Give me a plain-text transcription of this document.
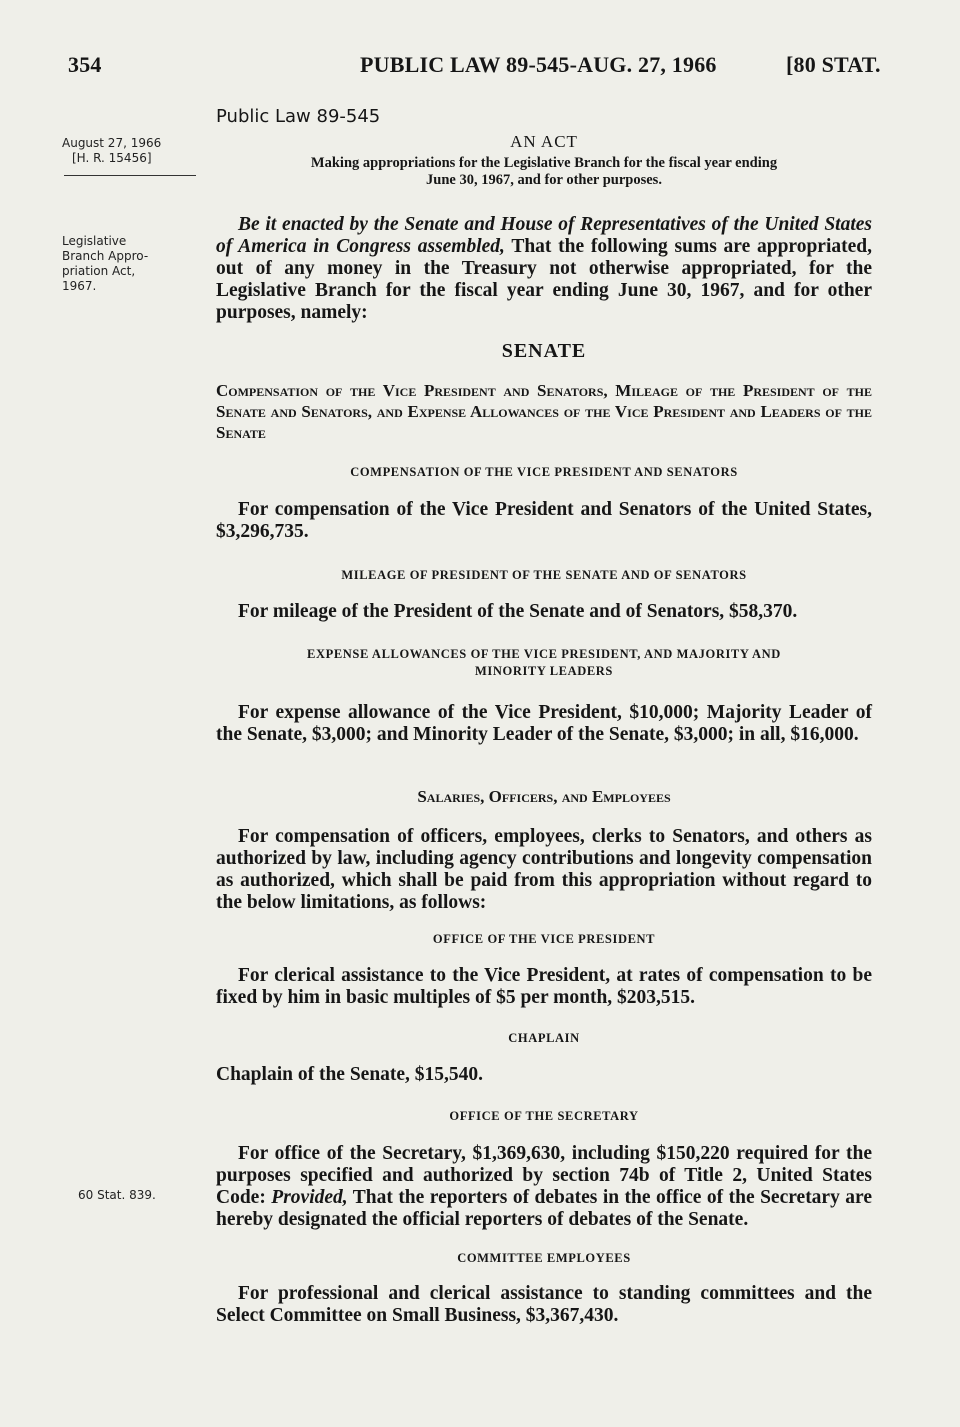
354	PUBLIC LAW 89-545-AUG. 27, 1966	[80 STAT.
August 27, 1966
[H. R. 15456]
Legislative
Branch Appro-
priation Act,
1967.
60 Stat. 839.
Public Law 89-545
AN ACT
Making appropriations for the Legislative Branch for the fiscal year ending
June 30, 1967, and for other purposes.
Be it enacted by the Senate and House of Representatives of the United States of America in Congress assembled, That the following sums are appropriated, out of any money in the Treasury not otherwise appropriated, for the Legislative Branch for the fiscal year ending June 30, 1967, and for other purposes, namely:
SENATE
Compensation of the Vice President and Senators, Mileage of the President of the Senate and Senators, and Expense Allowances of the Vice President and Leaders of the Senate
COMPENSATION OF THE VICE PRESIDENT AND SENATORS
For compensation of the Vice President and Senators of the United States, $3,296,735.
MILEAGE OF PRESIDENT OF THE SENATE AND OF SENATORS
For mileage of the President of the Senate and of Senators, $58,370.
EXPENSE ALLOWANCES OF THE VICE PRESIDENT, AND MAJORITY AND
MINORITY LEADERS
For expense allowance of the Vice President, $10,000; Majority Leader of the Senate, $3,000; and Minority Leader of the Senate, $3,000; in all, $16,000.
Salaries, Officers, and Employees
For compensation of officers, employees, clerks to Senators, and others as authorized by law, including agency contributions and longevity compensation as authorized, which shall be paid from this appropriation without regard to the below limitations, as follows:
OFFICE OF THE VICE PRESIDENT
For clerical assistance to the Vice President, at rates of compensation to be fixed by him in basic multiples of $5 per month, $203,515.
CHAPLAIN
Chaplain of the Senate, $15,540.
OFFICE OF THE SECRETARY
For office of the Secretary, $1,369,630, including $150,220 required for the purposes specified and authorized by section 74b of Title 2, United States Code: Provided, That the reporters of debates in the office of the Secretary are hereby designated the official reporters of debates of the Senate.
COMMITTEE EMPLOYEES
For professional and clerical assistance to standing committees and the Select Committee on Small Business, $3,367,430.
